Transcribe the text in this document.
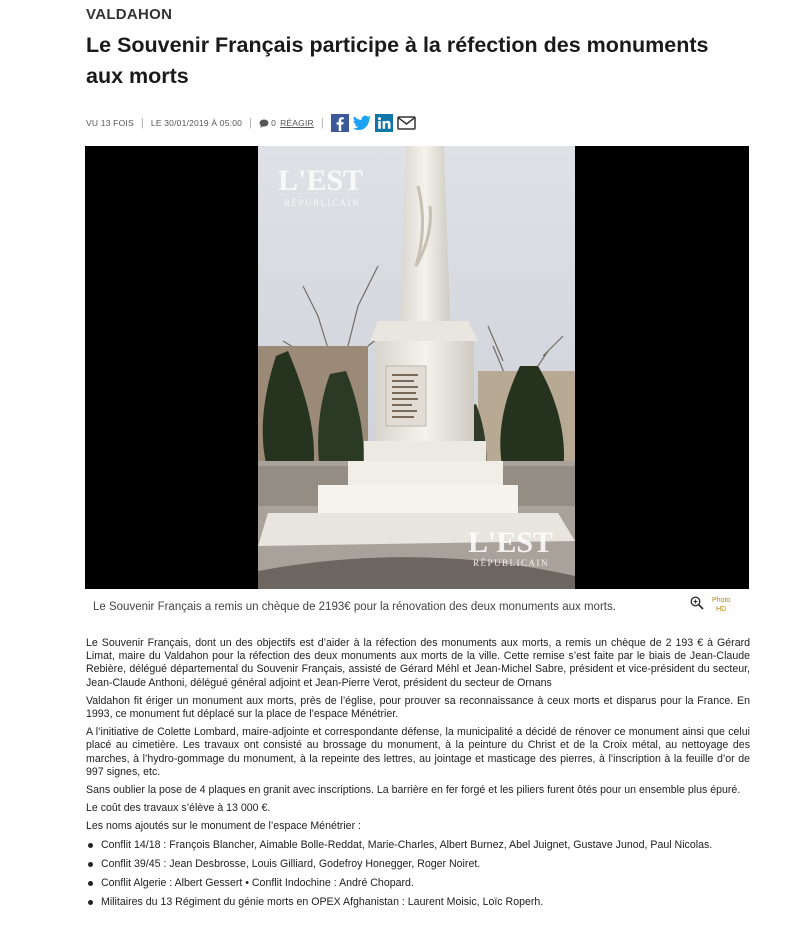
VALDAHON
Le Souvenir Français participe à la réfection des monuments aux morts
VU 13 FOIS | LE 30/01/2019 À 05:00 | 0 RÉAGIR |
L'EST
RÉPUBLICAIN
L'EST
RÉPUBLICAIN
Le Souvenir Français a remis un chèque de 2193€ pour la rénovation des deux monuments aux morts.
Photo
HD

Le Souvenir Français, dont un des objectifs est d’aider à la réfection des monuments aux morts, a remis un chèque de 2 193 € à Gérard Limat, maire du Valdahon pour la réfection des deux monuments aux morts de la ville. Cette remise s’est faite par le biais de Jean-Claude Rebière, délégué départemental du Souvenir Français, assisté de Gérard Méhl et Jean-Michel Sabre, président et vice-président du secteur, Jean-Claude Anthoni, délégué général adjoint et Jean-Pierre Verot, président du secteur de Ornans

Valdahon fit ériger un monument aux morts, près de l’église, pour prouver sa reconnaissance à ceux morts et disparus pour la France. En 1993, ce monument fut déplacé sur la place de l’espace Ménétrier.

A l’initiative de Colette Lombard, maire-adjointe et correspondante défense, la municipalité a décidé de rénover ce monument ainsi que celui placé au cimetière. Les travaux ont consisté au brossage du monument, à la peinture du Christ et de la Croix métal, au nettoyage des marches, à l’hydro-gommage du monument, à la repeinte des lettres, au jointage et masticage des pierres, à l’inscription à la feuille d’or de 997 signes, etc.

Sans oublier la pose de 4 plaques en granit avec inscriptions. La barrière en fer forgé et les piliers furent ôtés pour un ensemble plus épuré.

Le coût des travaux s’élève à 13 000 €.

Les noms ajoutés sur le monument de l’espace Ménétrier :

Conflit 14/18 : François Blancher, Aimable Bolle-Reddat, Marie-Charles, Albert Burnez, Abel Juignet, Gustave Junod, Paul Nicolas.
Conflit 39/45 : Jean Desbrosse, Louis Gilliard, Godefroy Honegger, Roger Noiret.
Conflit Algerie : Albert Gessert • Conflit Indochine : André Chopard.
Militaires du 13 Régiment du génie morts en OPEX Afghanistan : Laurent Moisic, Loïc Roperh.
